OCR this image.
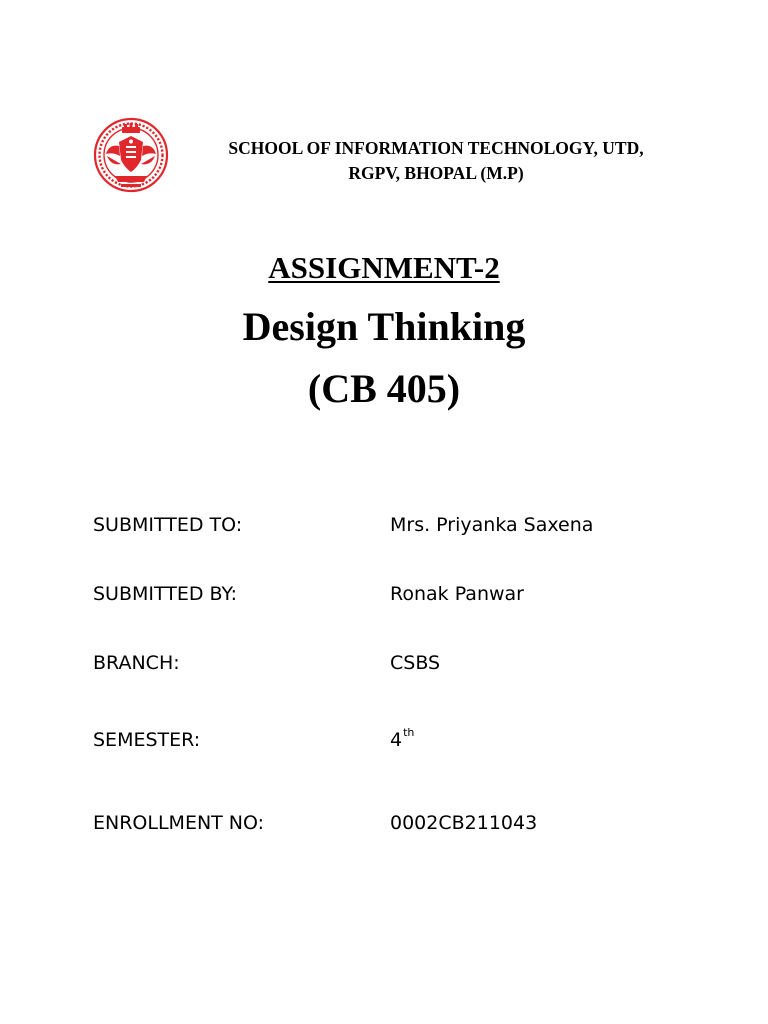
SCHOOL OF INFORMATION TECHNOLOGY, UTD,
RGPV, BHOPAL (M.P)
ASSIGNMENT-2
Design Thinking
(CB 405)
SUBMITTED TO:	Mrs. Priyanka Saxena
SUBMITTED BY:	Ronak Panwar
BRANCH:	CSBS
SEMESTER:	4th
ENROLLMENT NO:	0002CB211043
